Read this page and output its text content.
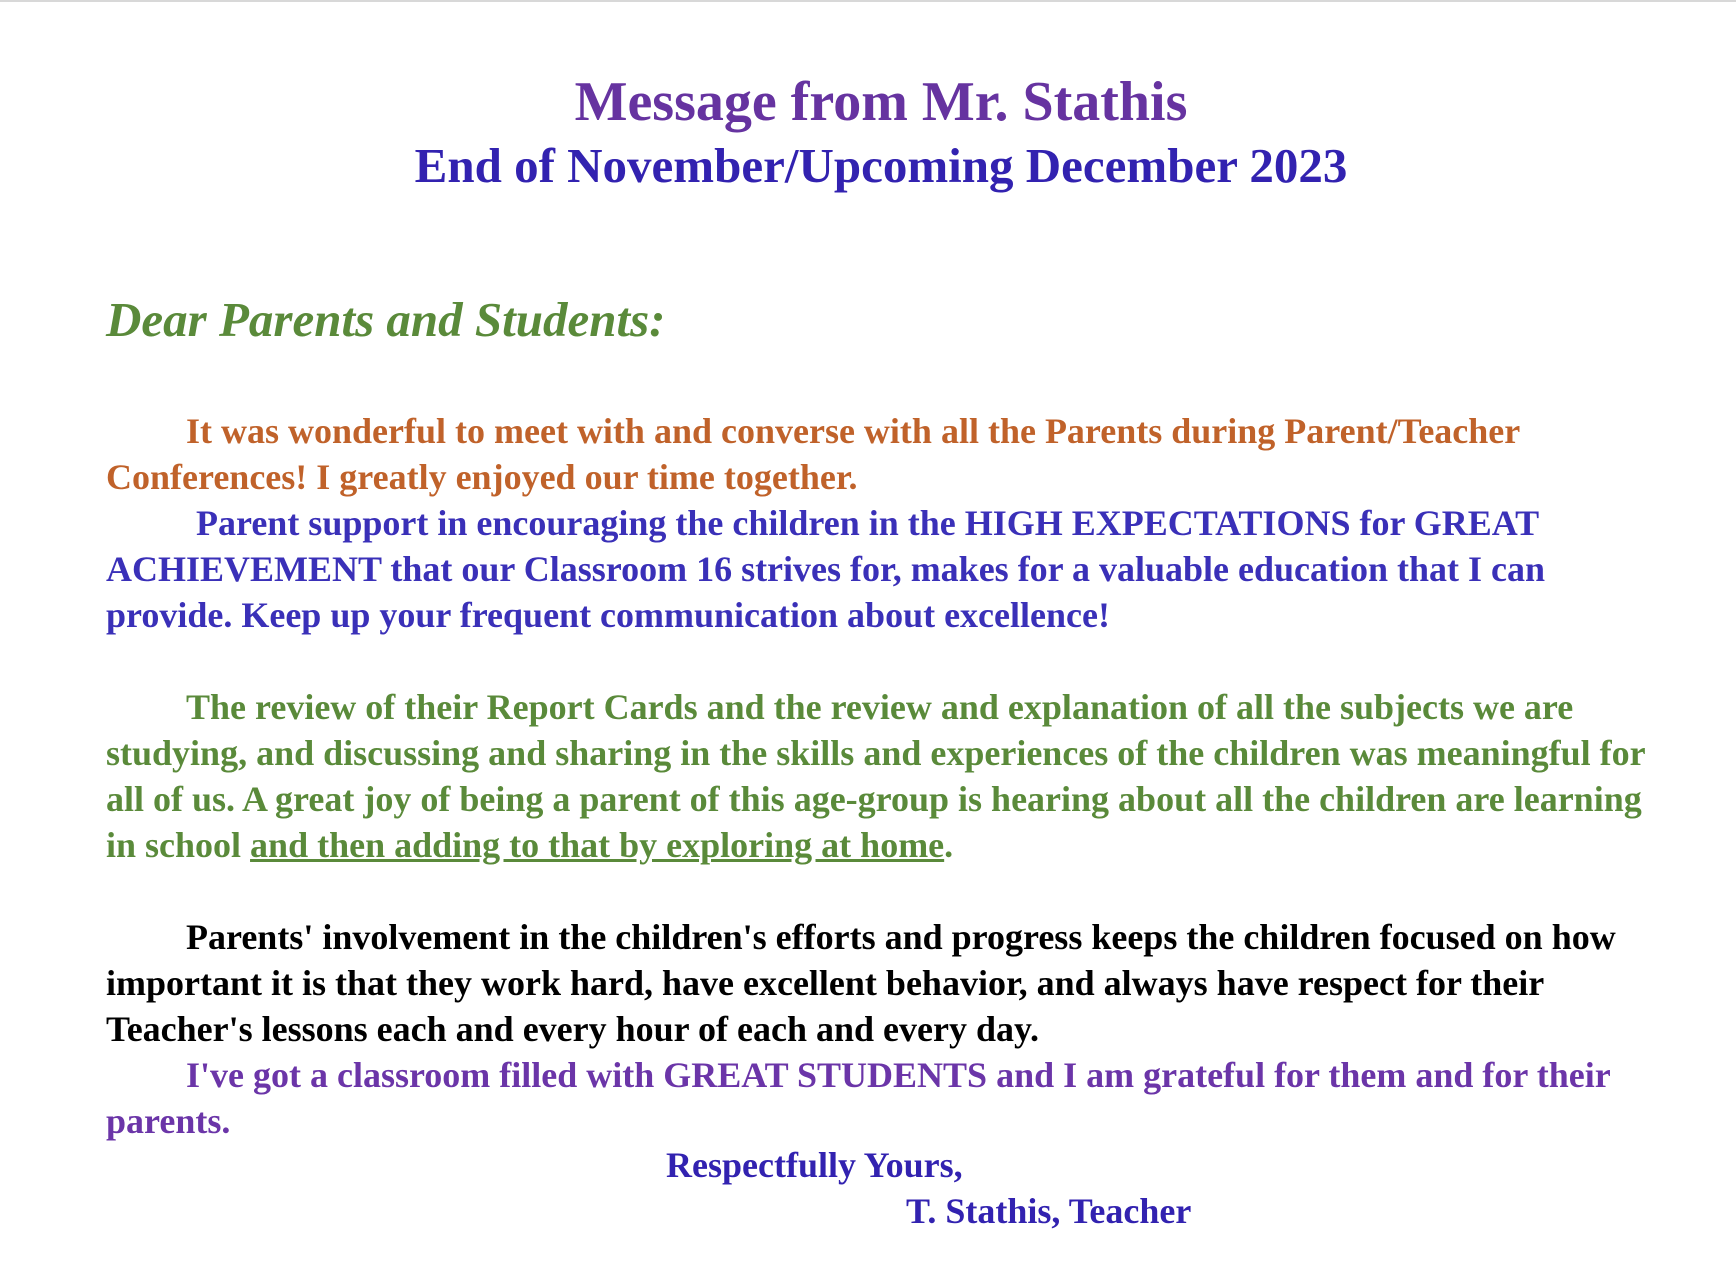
Message from Mr. Stathis
End of November/Upcoming December 2023

Dear Parents and Students:

It was wonderful to meet with and converse with all the Parents during Parent/Teacher Conferences! I greatly enjoyed our time together.

Parent support in encouraging the children in the HIGH EXPECTATIONS for GREAT ACHIEVEMENT that our Classroom 16 strives for, makes for a valuable education that I can provide. Keep up your frequent communication about excellence!

The review of their Report Cards and the review and explanation of all the subjects we are studying, and discussing and sharing in the skills and experiences of the children was meaningful for all of us. A great joy of being a parent of this age-group is hearing about all the children are learning in school and then adding to that by exploring at home.

Parents' involvement in the children's efforts and progress keeps the children focused on how important it is that they work hard, have excellent behavior, and always have respect for their Teacher's lessons each and every hour of each and every day.

I've got a classroom filled with GREAT STUDENTS and I am grateful for them and for their parents.

Respectfully Yours,

T. Stathis, Teacher
